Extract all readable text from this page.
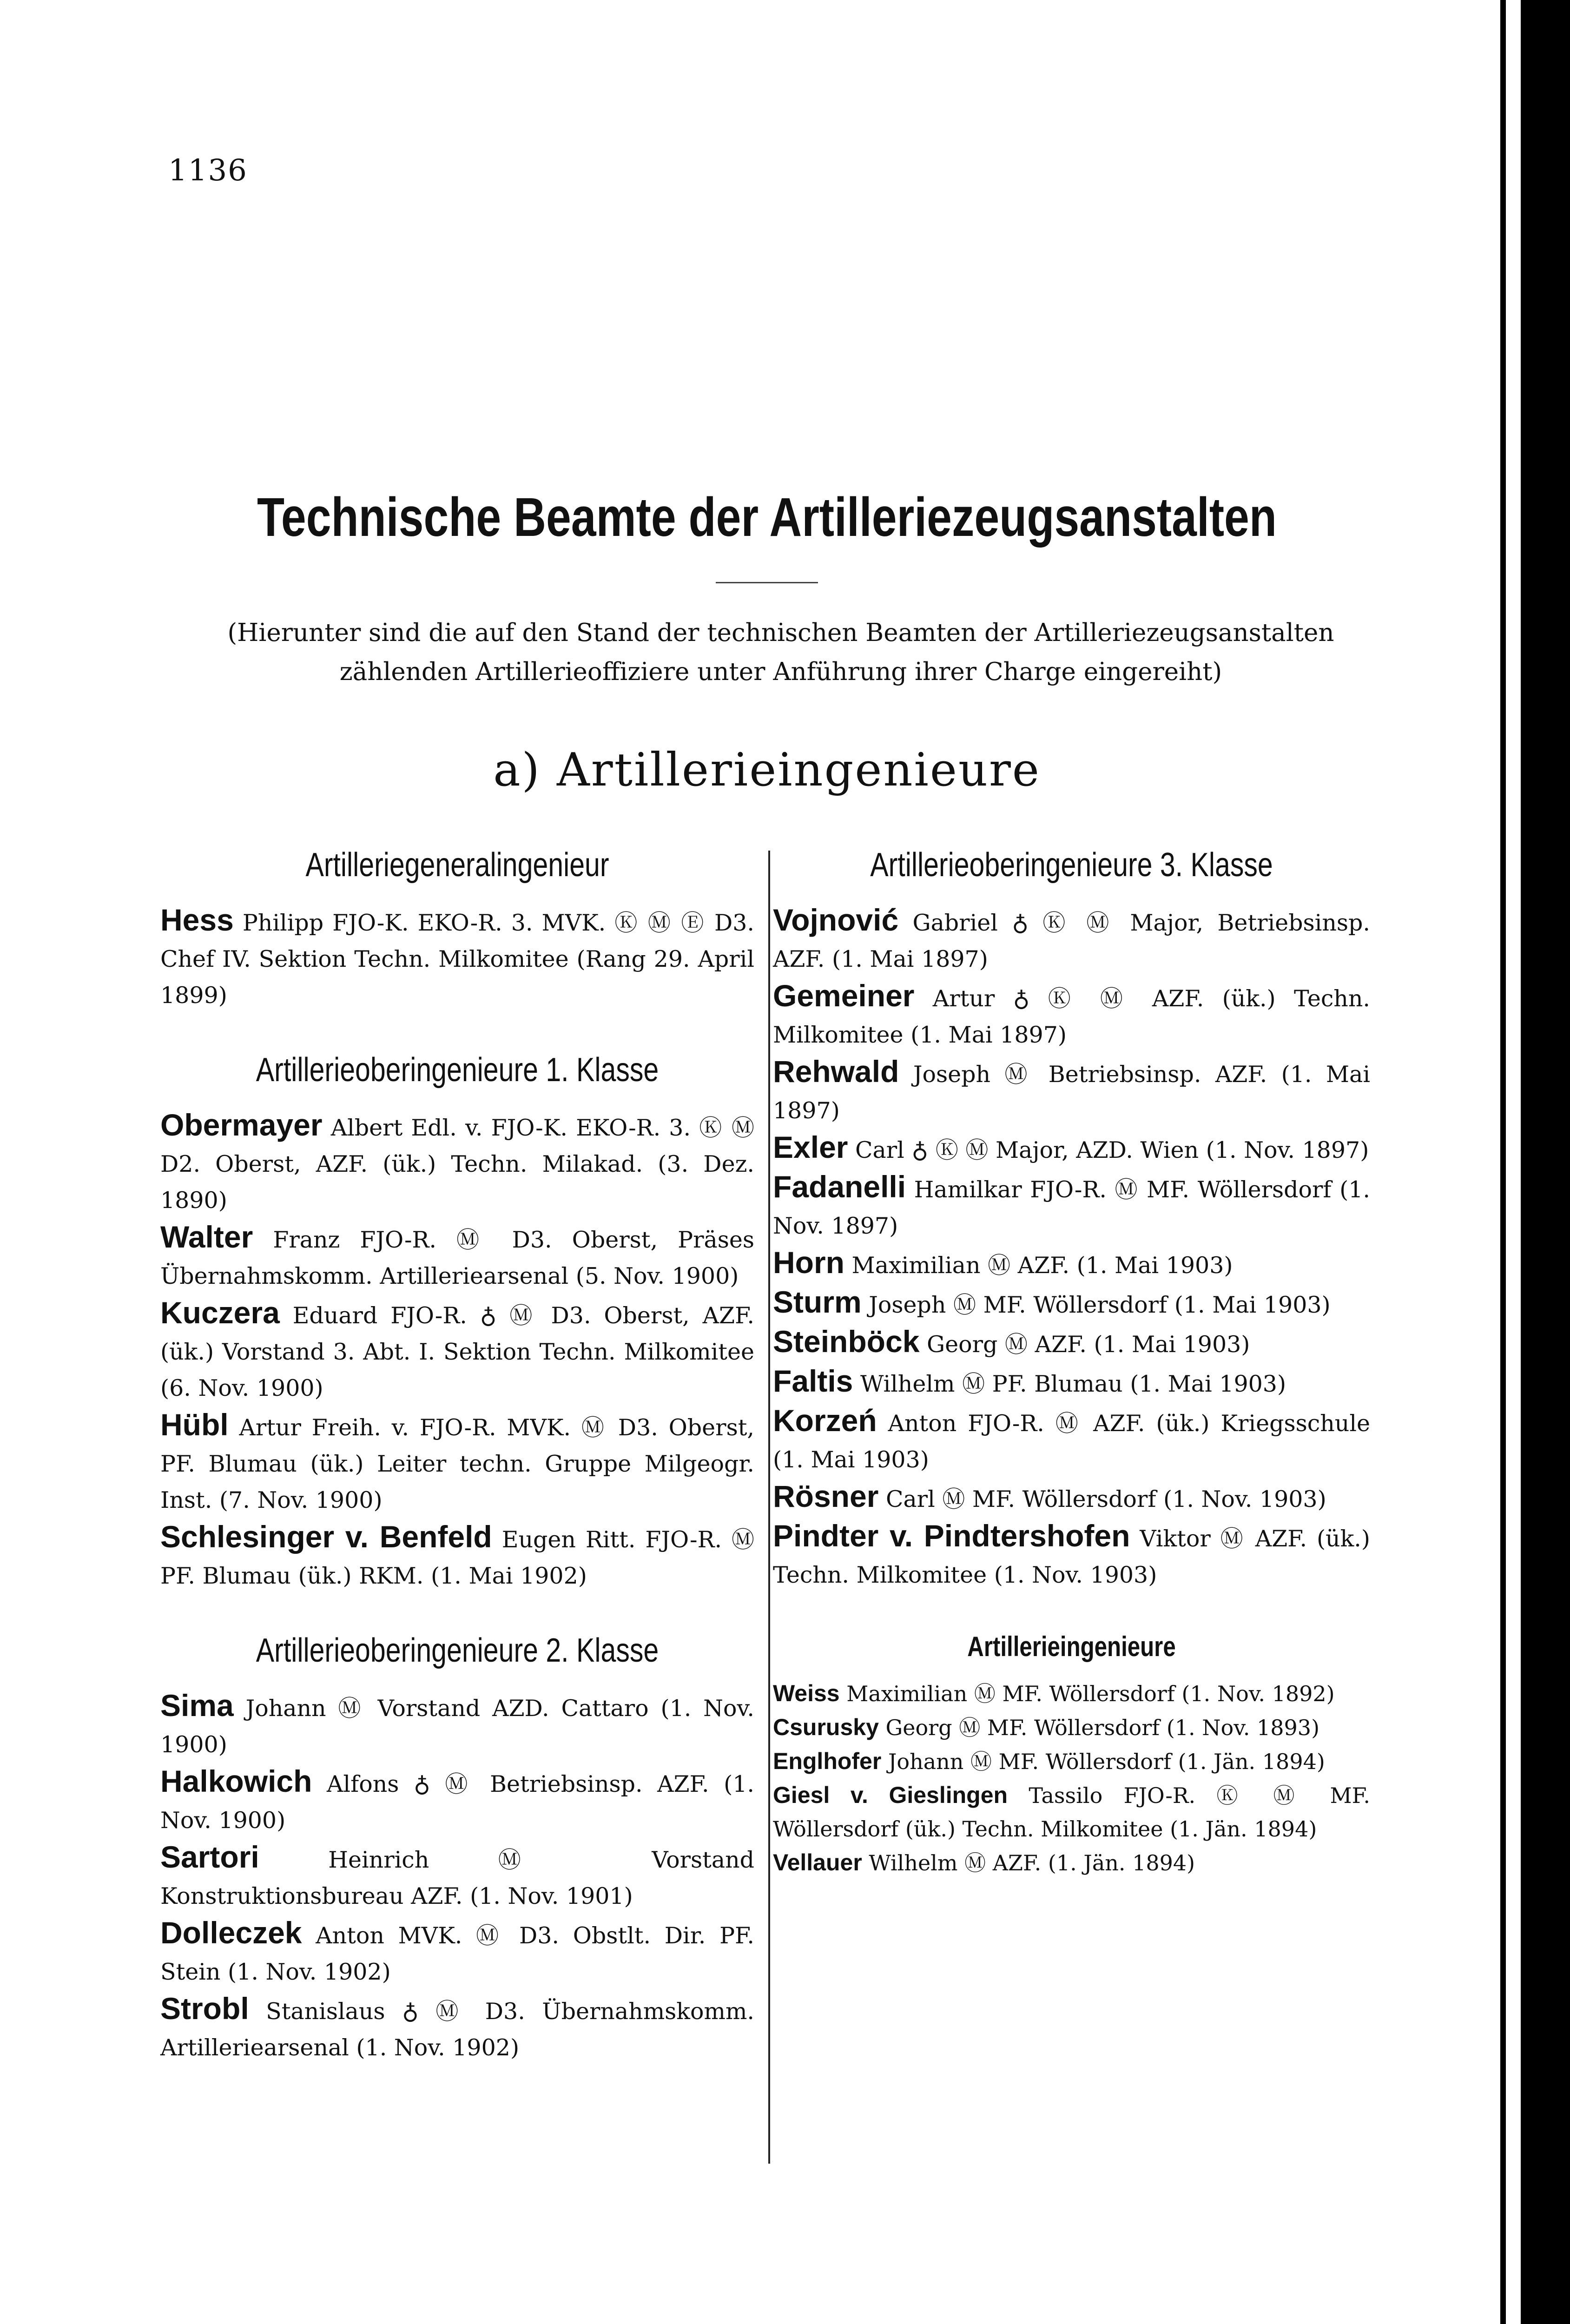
1136
Technische Beamte der Artilleriezeugsanstalten
(Hierunter sind die auf den Stand der technischen Beamten der Artilleriezeugsanstalten zählenden Artillerieoffiziere unter Anführung ihrer Charge eingereiht)
a) Artillerieingenieure
Artilleriegeneralingenieur

Hess Philipp FJO-K. EKO-R. 3. MVK. Ⓚ Ⓜ Ⓔ D3. Chef IV. Sektion Techn. Milkomitee (Rang 29. April 1899)

Artillerieoberingenieure 1. Klasse

Obermayer Albert Edl. v. FJO-K. EKO-R. 3. Ⓚ Ⓜ D2. Oberst, AZF. (ük.) Techn. Milakad. (3. Dez. 1890)

Walter Franz FJO-R. Ⓜ D3. Oberst, Präses Übernahmskomm. Artilleriearsenal (5. Nov. 1900)

Kuczera Eduard FJO-R. ♁ Ⓜ D3. Oberst, AZF. (ük.) Vorstand 3. Abt. I. Sektion Techn. Milkomitee (6. Nov. 1900)

Hübl Artur Freih. v. FJO-R. MVK. Ⓜ D3. Oberst, PF. Blumau (ük.) Leiter techn. Gruppe Milgeogr. Inst. (7. Nov. 1900)

Schlesinger v. Benfeld Eugen Ritt. FJO-R. Ⓜ PF. Blumau (ük.) RKM. (1. Mai 1902)

Artillerieoberingenieure 2. Klasse

Sima Johann Ⓜ Vorstand AZD. Cattaro (1. Nov. 1900)

Halkowich Alfons ♁ Ⓜ Betriebsinsp. AZF. (1. Nov. 1900)

Sartori Heinrich Ⓜ Vorstand Konstruktionsbureau AZF. (1. Nov. 1901)

Dolleczek Anton MVK. Ⓜ D3. Obstlt. Dir. PF. Stein (1. Nov. 1902)

Strobl Stanislaus ♁ Ⓜ D3. Übernahmskomm. Artilleriearsenal (1. Nov. 1902)

Artillerieoberingenieure 3. Klasse

Vojnović Gabriel ♁ Ⓚ Ⓜ Major, Betriebsinsp. AZF. (1. Mai 1897)

Gemeiner Artur ♁ Ⓚ Ⓜ AZF. (ük.) Techn. Milkomitee (1. Mai 1897)

Rehwald Joseph Ⓜ Betriebsinsp. AZF. (1. Mai 1897)

Exler Carl ♁ Ⓚ Ⓜ Major, AZD. Wien (1. Nov. 1897)

Fadanelli Hamilkar FJO-R. Ⓜ MF. Wöllersdorf (1. Nov. 1897)

Horn Maximilian Ⓜ AZF. (1. Mai 1903)

Sturm Joseph Ⓜ MF. Wöllersdorf (1. Mai 1903)

Steinböck Georg Ⓜ AZF. (1. Mai 1903)

Faltis Wilhelm Ⓜ PF. Blumau (1. Mai 1903)

Korzeń Anton FJO-R. Ⓜ AZF. (ük.) Kriegsschule (1. Mai 1903)

Rösner Carl Ⓜ MF. Wöllersdorf (1. Nov. 1903)

Pindter v. Pindtershofen Viktor Ⓜ AZF. (ük.) Techn. Milkomitee (1. Nov. 1903)

Artillerieingenieure

Weiss Maximilian Ⓜ MF. Wöllersdorf (1. Nov. 1892)

Csurusky Georg Ⓜ MF. Wöllersdorf (1. Nov. 1893)

Englhofer Johann Ⓜ MF. Wöllersdorf (1. Jän. 1894)

Giesl v. Gieslingen Tassilo FJO-R. Ⓚ Ⓜ MF. Wöllersdorf (ük.) Techn. Milkomitee (1. Jän. 1894)

Vellauer Wilhelm Ⓜ AZF. (1. Jän. 1894)
